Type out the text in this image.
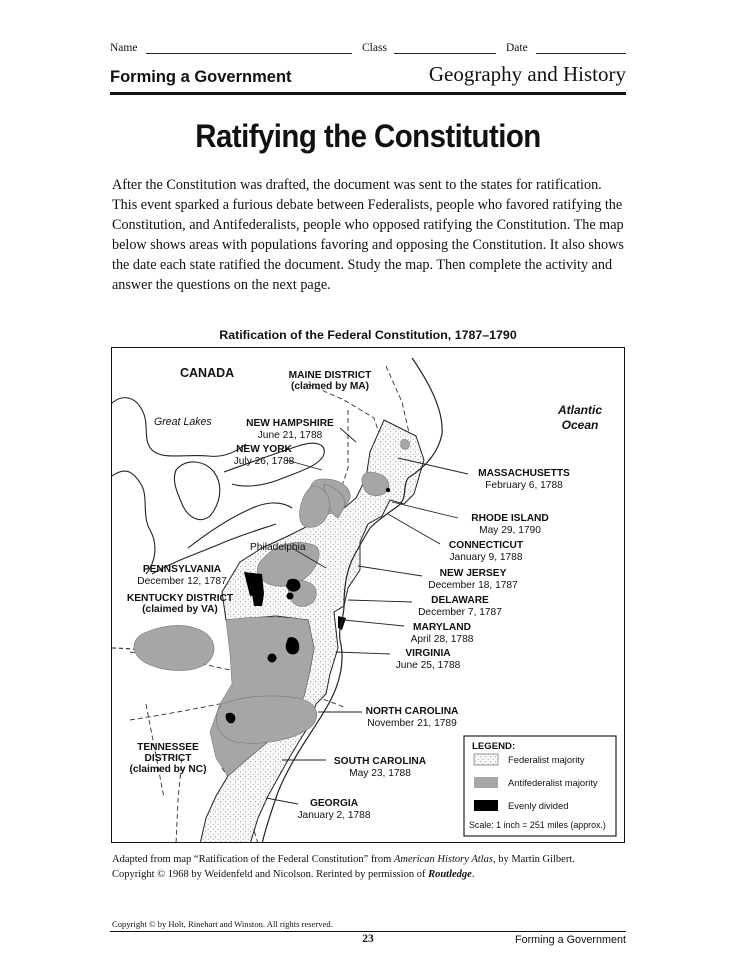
Name	Class	Date
Forming a Government	Geography and History
Ratifying the Constitution

After the Constitution was drafted, the document was sent to the states for ratification. This event sparked a furious debate between Federalists, people who favored ratifying the Constitution, and Antifederalists, people who opposed ratifying the Constitution. The map below shows areas with populations favoring and opposing the Constitution. It also shows the date each state ratified the document. Study the map. Then complete the activity and answer the questions on the next page.

Ratification of the Federal Constitution, 1787–1790
CANADA
Great Lakes
Atlantic
Ocean
Philadelphia
MAINE DISTRICT
(claimed by MA)
NEW HAMPSHIRE
June 21, 1788
NEW YORK
July 26, 1788
MASSACHUSETTS
February 6, 1788
RHODE ISLAND
May 29, 1790
CONNECTICUT
January 9, 1788
PENNSYLVANIA
December 12, 1787
NEW JERSEY
December 18, 1787
KENTUCKY DISTRICT
(claimed by VA)
DELAWARE
December 7, 1787
MARYLAND
April 28, 1788
VIRGINIA
June 25, 1788
NORTH CAROLINA
November 21, 1789
TENNESSEE
DISTRICT
(claimed by NC)
SOUTH CAROLINA
May 23, 1788
GEORGIA
January 2, 1788
LEGEND:
Federalist majority
Antifederalist majority
Evenly divided
Scale: 1 inch = 251 miles (approx.)

Adapted from map “Ratification of the Federal Constitution” from American History Atlas, by Martin Gilbert.
Copyright © 1968 by Weidenfeld and Nicolson. Rerinted by permission of Routledge.

Copyright © by Holt, Rinehart and Winston. All rights reserved.
23	Forming a Government
